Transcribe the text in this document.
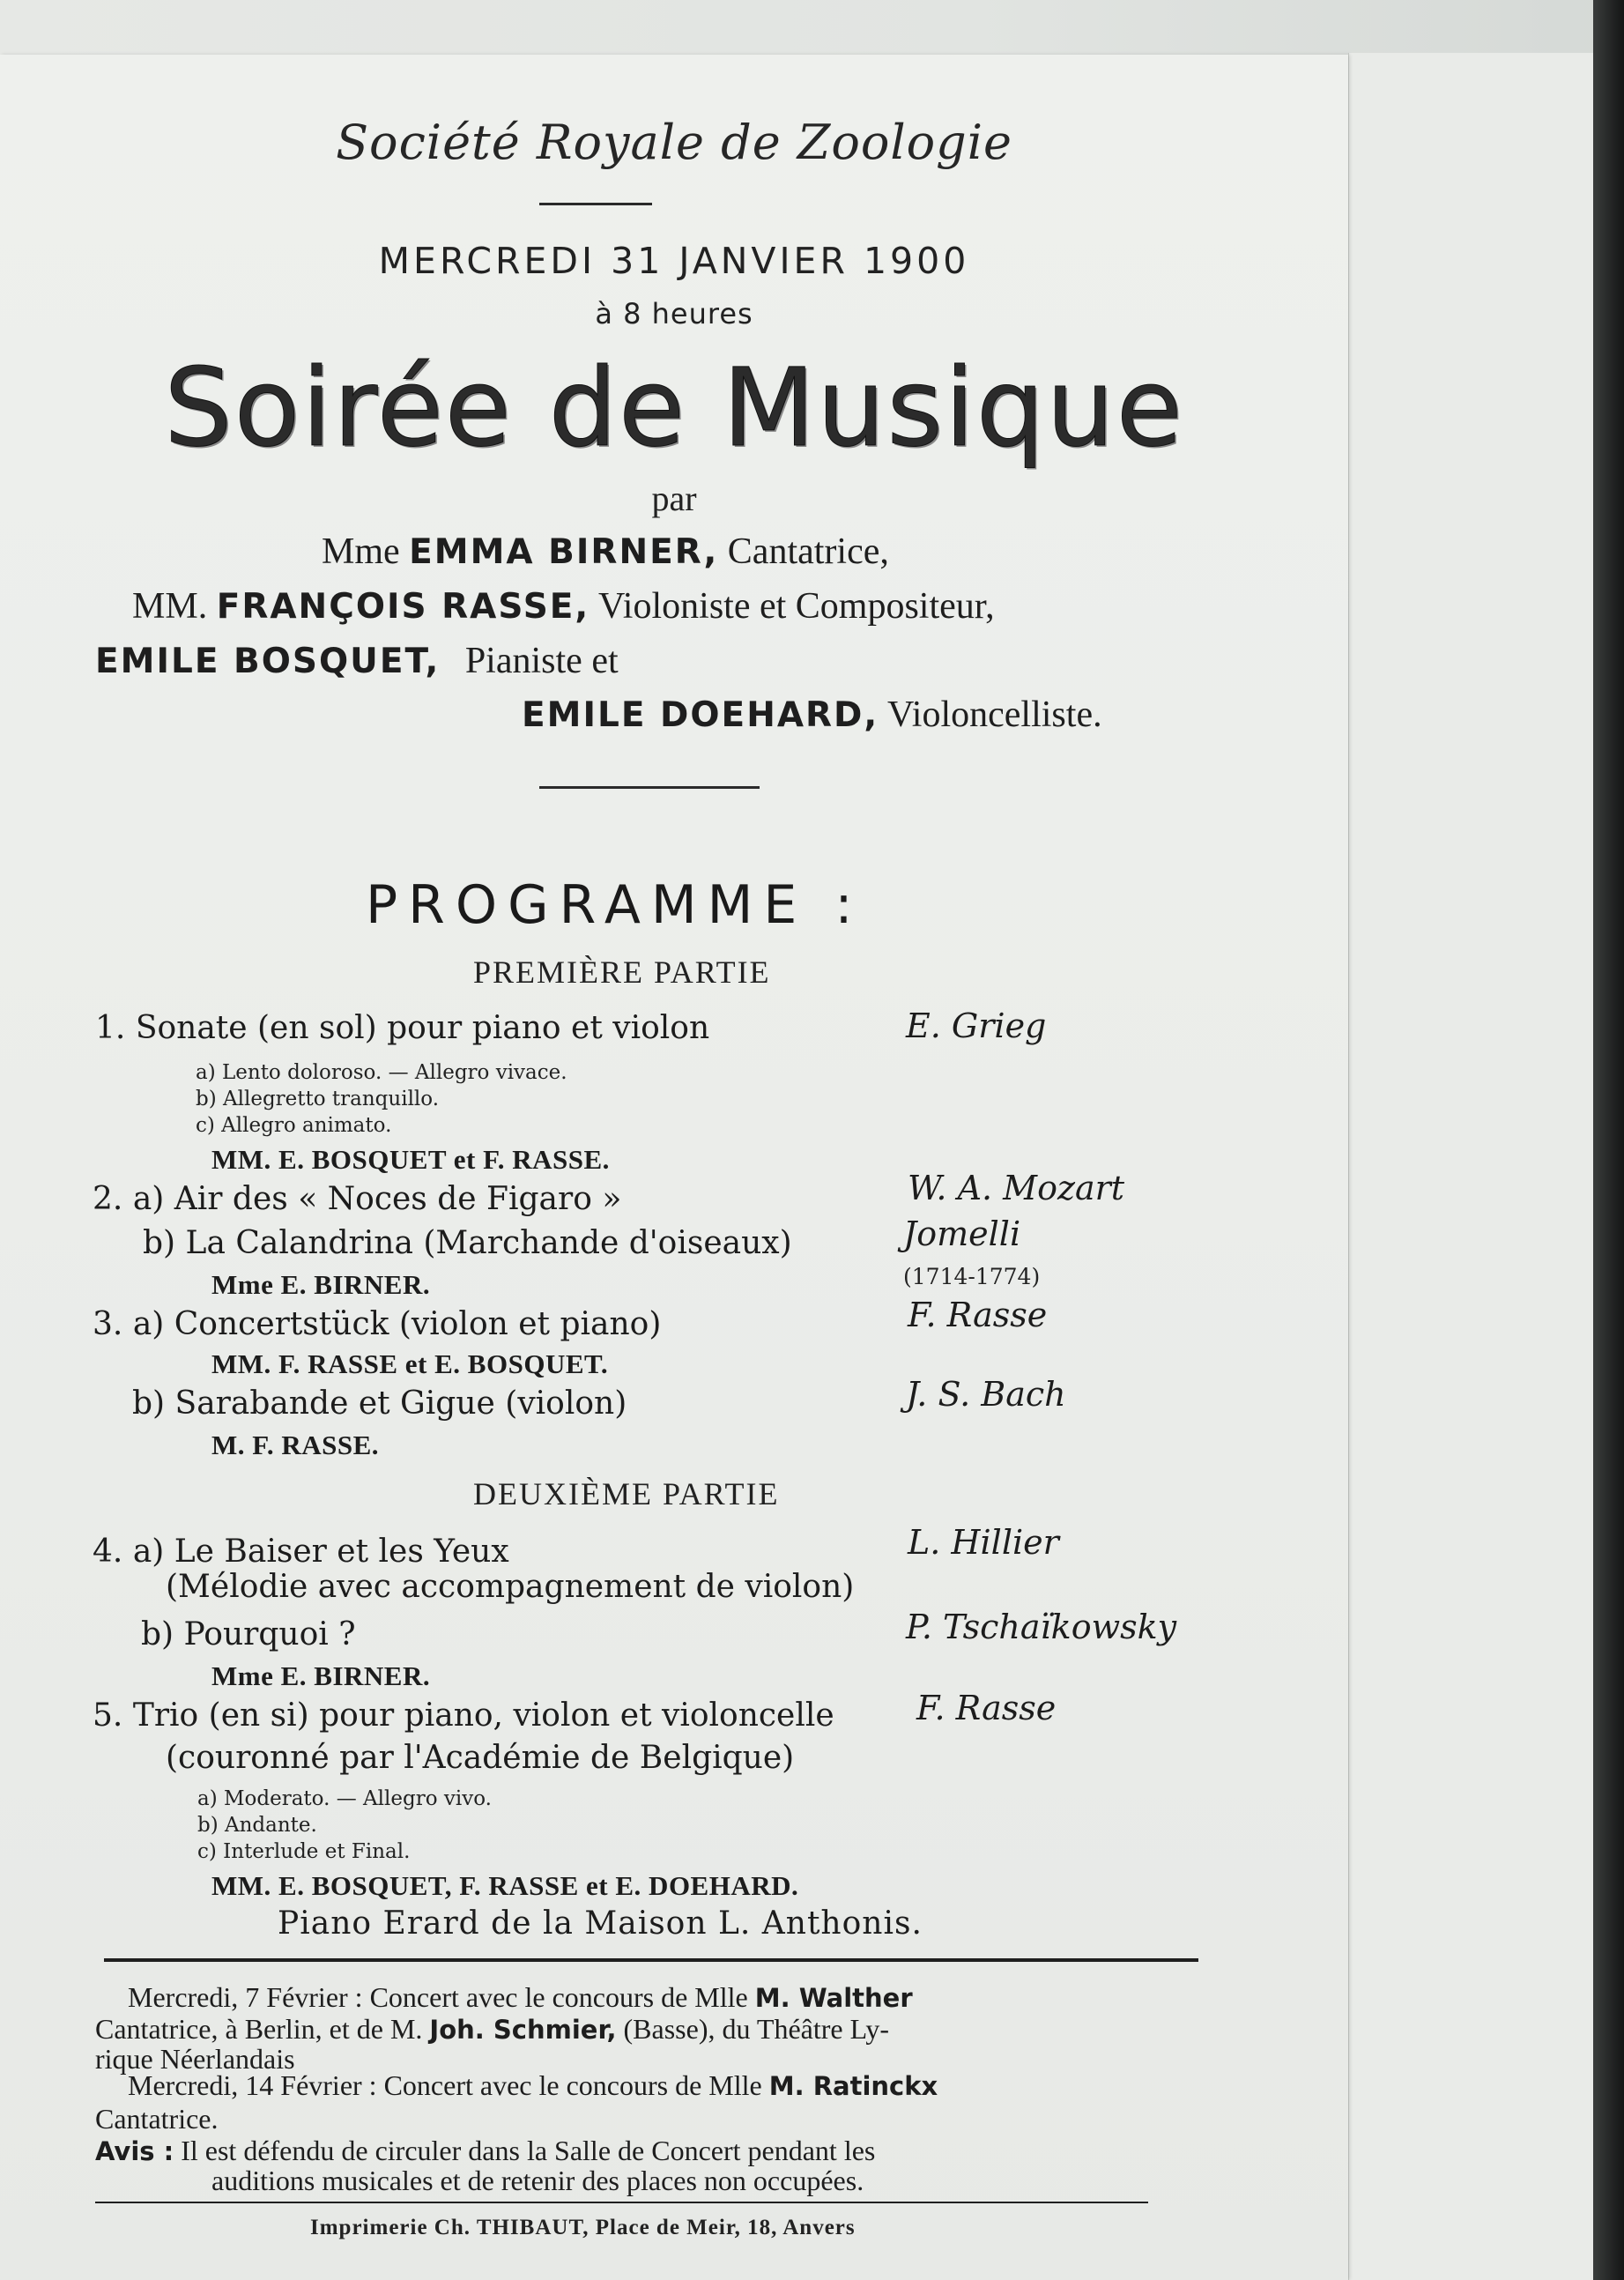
Société Royale de Zoologie
MERCREDI 31 JANVIER 1900
à 8 heures
Soirée de Musique
par
Mme EMMA BIRNER, Cantatrice,
MM. FRANÇOIS RASSE, Violoniste et Compositeur,
EMILE BOSQUET, Pianiste et
EMILE DOEHARD, Violoncelliste.
PROGRAMME :
PREMIÈRE PARTIE
1. Sonate (en sol) pour piano et violon	E. Grieg
a) Lento doloroso. — Allegro vivace.
b) Allegretto tranquillo.
c) Allegro animato.
MM. E. BOSQUET et F. RASSE.
2. a) Air des « Noces de Figaro »	W. A. Mozart
b) La Calandrina (Marchande d'oiseaux)	Jomelli
(1714-1774)
Mme E. BIRNER.
3. a) Concertstück (violon et piano)	F. Rasse
MM. F. RASSE et E. BOSQUET.
b) Sarabande et Gigue (violon)	J. S. Bach
M. F. RASSE.
DEUXIÈME PARTIE
4. a) Le Baiser et les Yeux	L. Hillier
(Mélodie avec accompagnement de violon)
b) Pourquoi ?	P. Tschaïkowsky
Mme E. BIRNER.
5. Trio (en si) pour piano, violon et violoncelle F. Rasse
(couronné par l'Académie de Belgique)
a) Moderato. — Allegro vivo.
b) Andante.
c) Interlude et Final.
MM. E. BOSQUET, F. RASSE et E. DOEHARD.
Piano Erard de la Maison L. Anthonis.
Mercredi, 7 Février : Concert avec le concours de Mlle M. Walther
Cantatrice, à Berlin, et de M. Joh. Schmier, (Basse), du Théâtre Ly-
rique Néerlandais
Mercredi, 14 Février : Concert avec le concours de Mlle M. Ratinckx
Cantatrice.
Avis : Il est défendu de circuler dans la Salle de Concert pendant les
auditions musicales et de retenir des places non occupées.
Imprimerie Ch. THIBAUT, Place de Meir, 18, Anvers
